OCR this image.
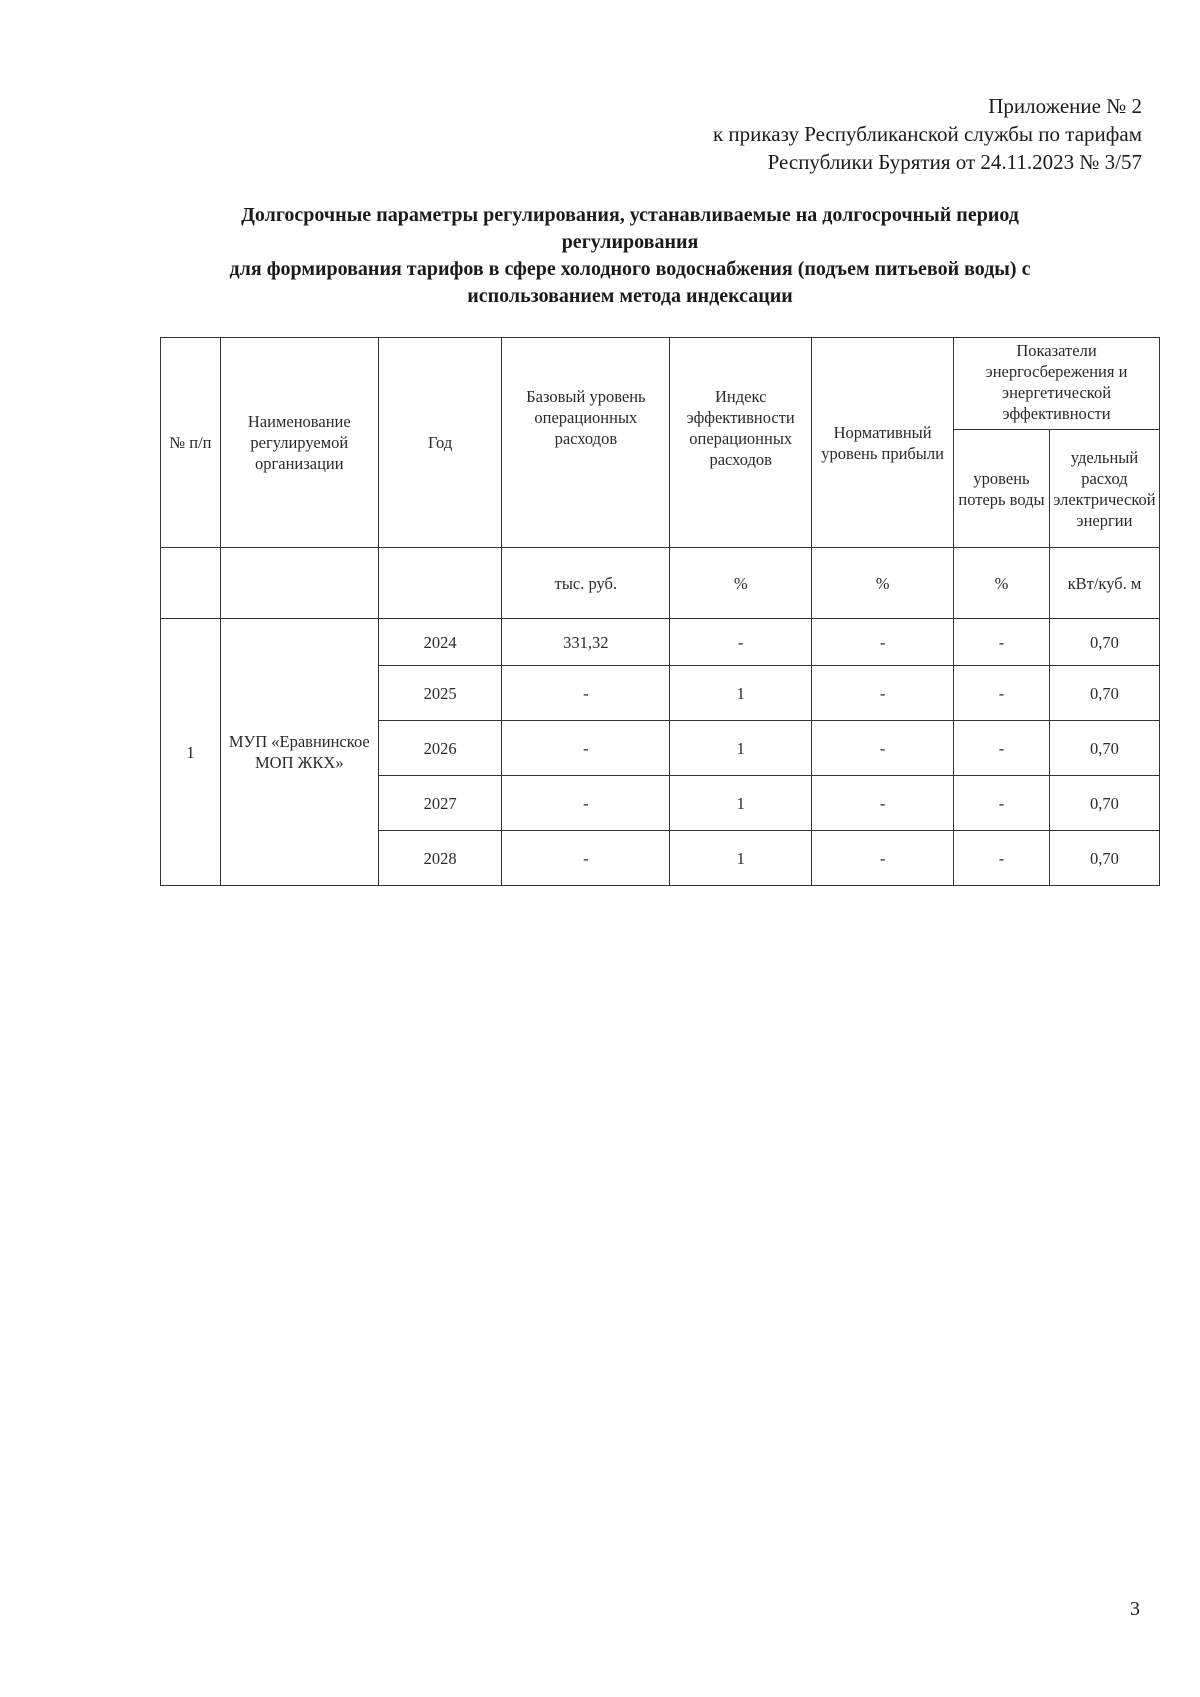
Приложение № 2
к приказу Республиканской службы по тарифам
Республики Бурятия от 24.11.2023 № 3/57
Долгосрочные параметры регулирования, устанавливаемые на долгосрочный период
регулирования
для формирования тарифов в сфере холодного водоснабжения (подъем питьевой воды) с
использованием метода индексации
№ п/п	Наименование регулируемой организации	Год	Базовый уровень операционных расходов	Индекс эффективности операционных расходов	Нормативный уровень прибыли	Показатели энергосбережения и энергетической эффективности	
						уровень потерь воды	удельный расход электрической энергии
			тыс. руб.	%	%	%	кВт/куб. м
1	МУП «Еравнинское МОП ЖКХ»	2024	331,32	-	-	-	0,70
		2025	-	1	-	-	0,70
		2026	-	1	-	-	0,70
		2027	-	1	-	-	0,70
		2028	-	1	-	-	0,70
3
